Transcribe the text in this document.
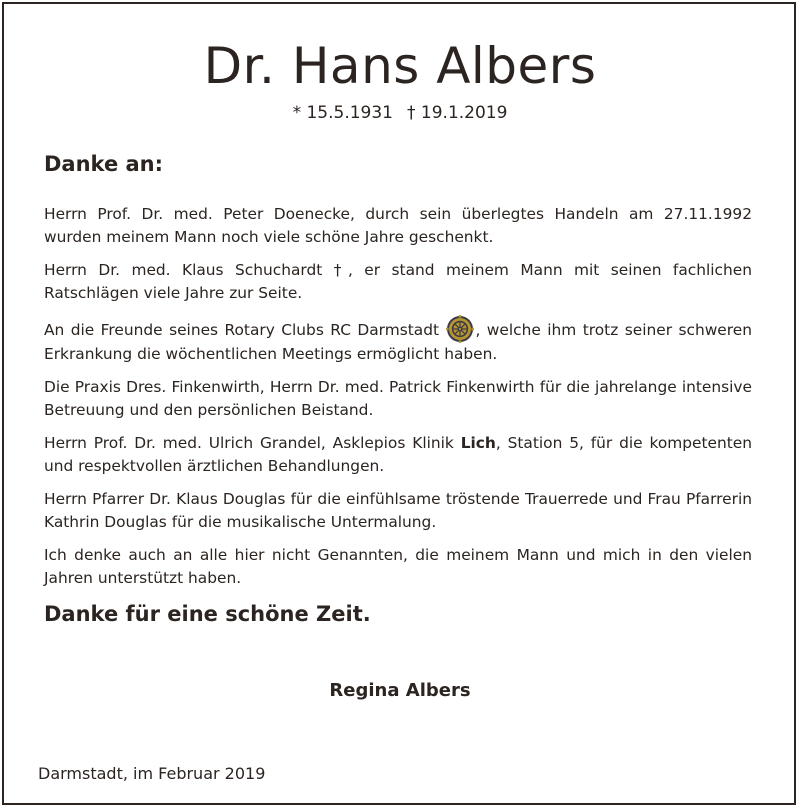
Dr. Hans Albers
* 15.5.1931 † 19.1.2019
Danke an:

Herrn Prof. Dr. med. Peter Doenecke, durch sein überlegtes Handeln am 27.11.1992 wurden meinem Mann noch viele schöne Jahre geschenkt.

Herrn Dr. med. Klaus Schuchardt †, er stand meinem Mann mit seinen fachlichen Ratschlägen viele Jahre zur Seite.

An die Freunde seines Rotary Clubs RC Darmstadt , welche ihm trotz seiner schweren Erkrankung die wöchentlichen Meetings ermöglicht haben.

Die Praxis Dres. Finkenwirth, Herrn Dr. med. Patrick Finkenwirth für die jahrelange intensive Betreuung und den persönlichen Beistand.

Herrn Prof. Dr. med. Ulrich Grandel, Asklepios Klinik Lich, Station 5, für die kompetenten und respektvollen ärztlichen Behandlungen.

Herrn Pfarrer Dr. Klaus Douglas für die einfühlsame tröstende Trauerrede und Frau Pfarrerin Kathrin Douglas für die musikalische Untermalung.

Ich denke auch an alle hier nicht Genannten, die meinem Mann und mich in den vielen Jahren unterstützt haben.

Danke für eine schöne Zeit.
Regina Albers
Darmstadt, im Februar 2019
